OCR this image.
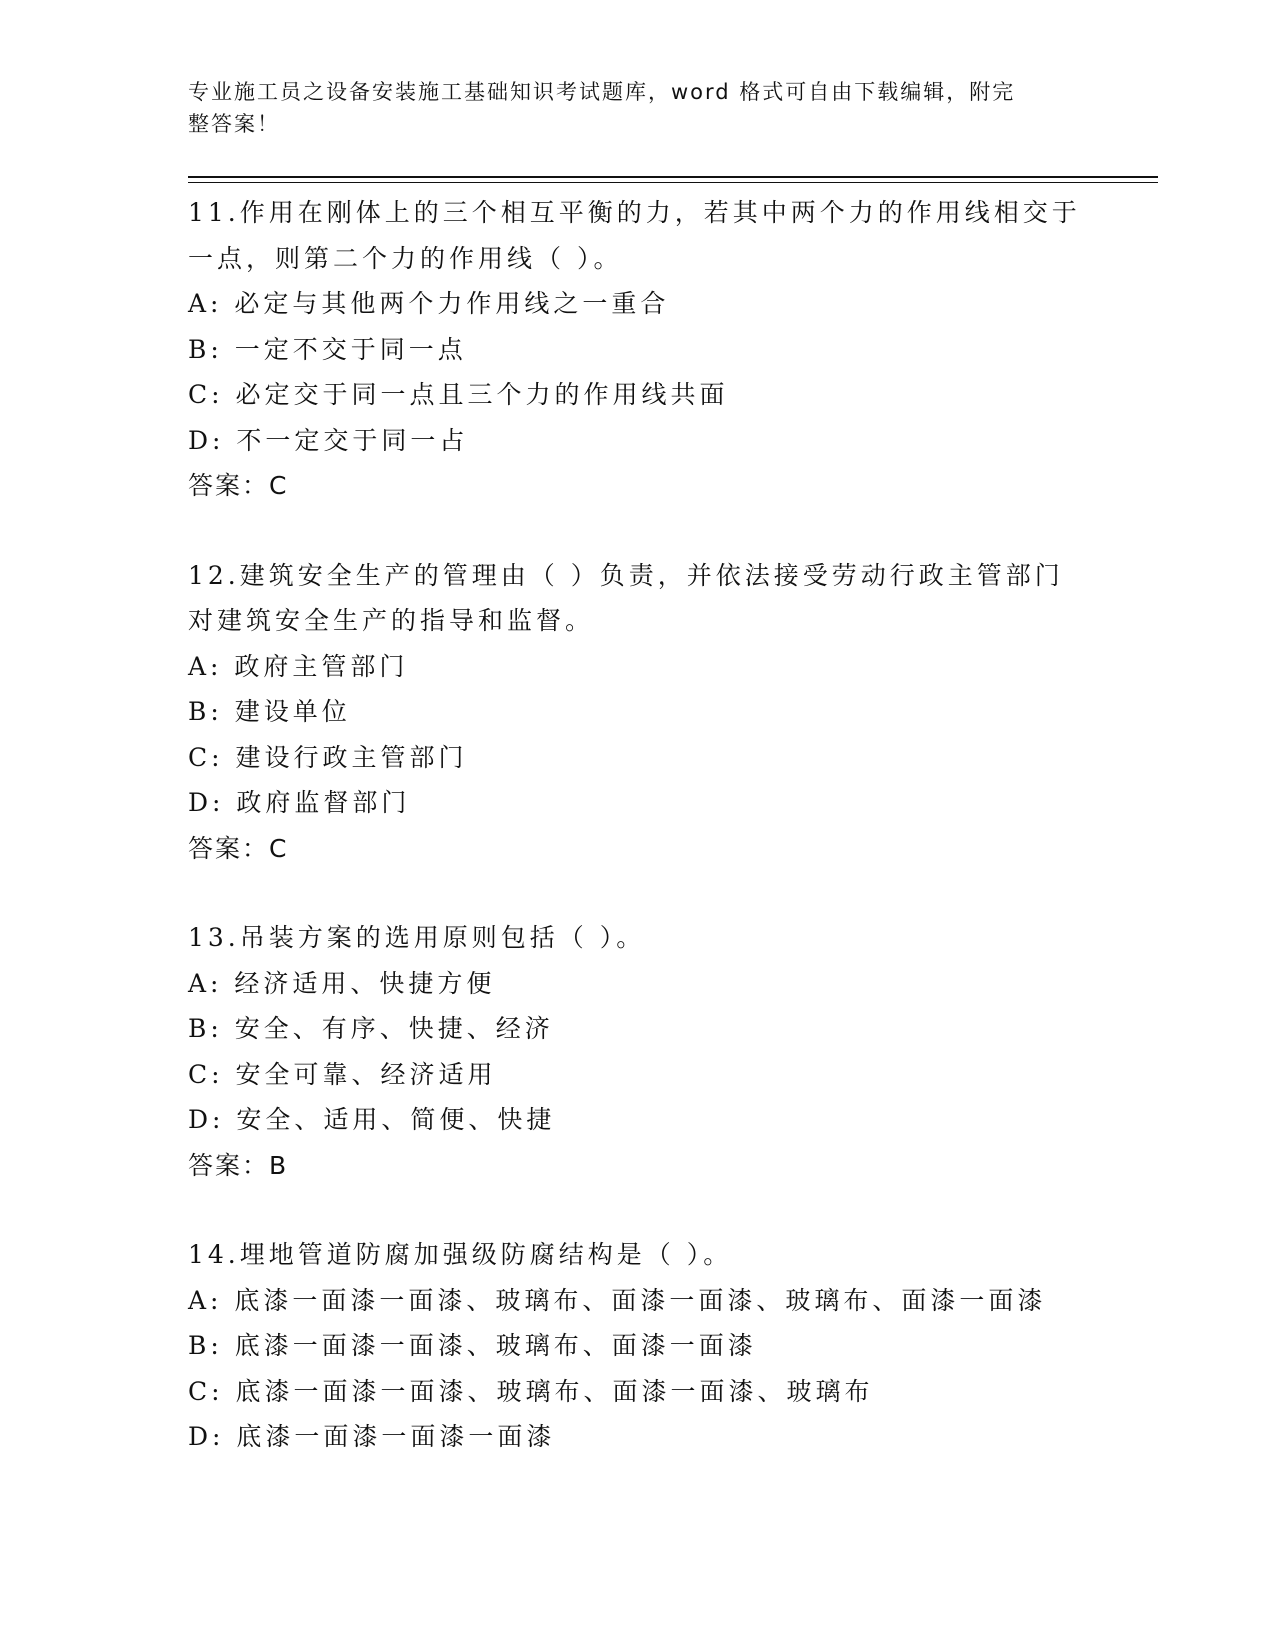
专业施工员之设备安装施工基础知识考试题库，word 格式可自由下载编辑，附完
整答案！
11.作用在刚体上的三个相互平衡的力，若其中两个力的作用线相交于
一点，则第二个力的作用线（ ）。
A: 必定与其他两个力作用线之一重合
B: 一定不交于同一点
C: 必定交于同一点且三个力的作用线共面
D: 不一定交于同一占
答案：C
12.建筑安全生产的管理由（ ）负责，并依法接受劳动行政主管部门
对建筑安全生产的指导和监督。
A: 政府主管部门
B: 建设单位
C: 建设行政主管部门
D: 政府监督部门
答案：C
13.吊装方案的选用原则包括（ ）。
A: 经济适用、快捷方便
B: 安全、有序、快捷、经济
C: 安全可靠、经济适用
D: 安全、适用、简便、快捷
答案：B
14.埋地管道防腐加强级防腐结构是（ ）。
A: 底漆一面漆一面漆、玻璃布、面漆一面漆、玻璃布、面漆一面漆
B: 底漆一面漆一面漆、玻璃布、面漆一面漆
C: 底漆一面漆一面漆、玻璃布、面漆一面漆、玻璃布
D: 底漆一面漆一面漆一面漆
